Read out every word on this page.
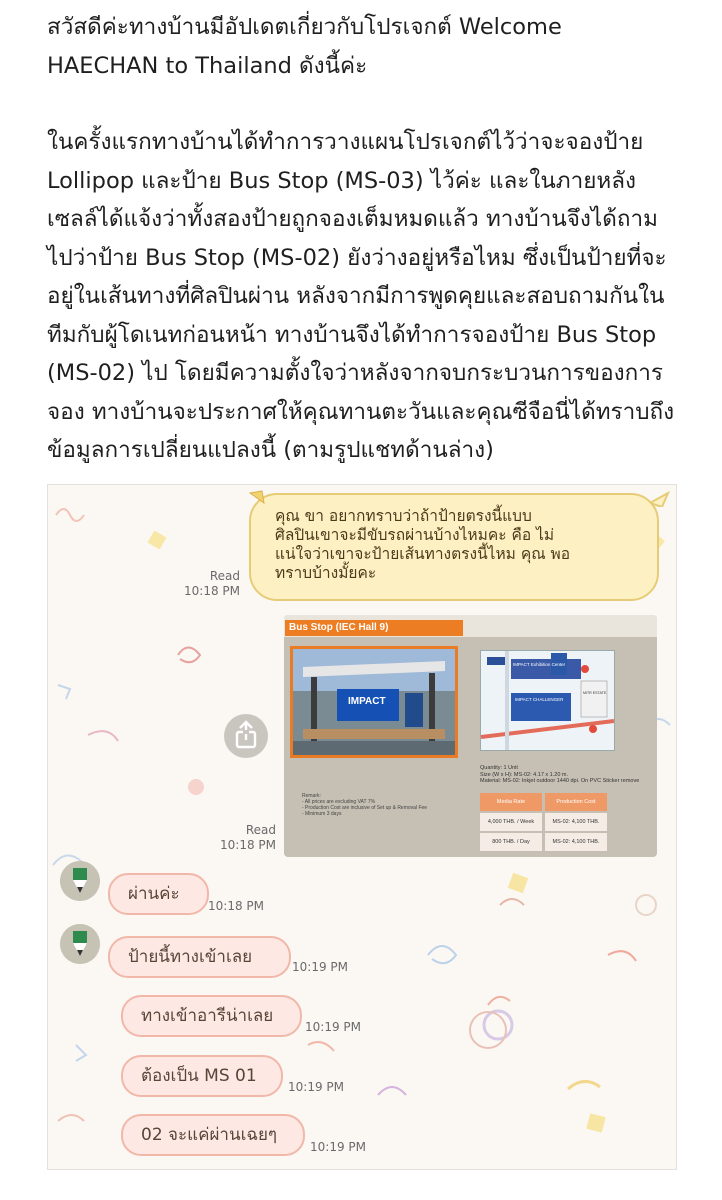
สวัสดีค่ะทางบ้านมีอัปเดตเกี่ยวกับโปรเจกต์ Welcome

HAECHAN to Thailand ดังนี้ค่ะ

ในครั้งแรกทางบ้านได้ทำการวางแผนโปรเจกต์ไว้ว่าจะจองป้าย

Lollipop และป้าย Bus Stop (MS-03) ไว้ค่ะ และในภายหลัง

เซลล์ได้แจ้งว่าทั้งสองป้ายถูกจองเต็มหมดแล้ว ทางบ้านจึงได้ถาม

ไปว่าป้าย Bus Stop (MS-02) ยังว่างอยู่หรือไหม ซึ่งเป็นป้ายที่จะ

อยู่ในเส้นทางที่ศิลปินผ่าน หลังจากมีการพูดคุยและสอบถามกันใน

ทีมกับผู้โดเนทก่อนหน้า ทางบ้านจึงได้ทำการจองป้าย Bus Stop

(MS-02) ไป โดยมีความตั้งใจว่าหลังจากจบกระบวนการของการ

จอง ทางบ้านจะประกาศให้คุณทานตะวันและคุณซีจือนี่ได้ทราบถึง

ข้อมูลการเปลี่ยนแปลงนี้ (ตามรูปแชทด้านล่าง)

คุณ ขา อยากทราบว่าถ้าป้ายตรงนี้แบบ
ศิลปินเขาจะมีขับรถผ่านบ้างไหมคะ คือ ไม่
แน่ใจว่าเขาจะป้ายเส้นทางตรงนี้ไหม คุณ พอ
ทราบบ้างมั้ยคะ
Read
10:18 PM
Bus Stop (IEC Hall 9)
IMPACT
IMPACT Exhibition Center
IMPACT CHALLENGER
MITR ESTATE
Quantity: 1 Unit
Size (W x H): MS-02: 4.17 x 1.20 m.
Material: MS-02: Inkjet outdoor 1440 dpi. On PVC Sticker remove
Remark:
- All prices are excluding VAT 7%
- Production Cost are inclusive of Set up & Removal Fee
- Minimum 3 days
Media Rate	Production Cost
4,000 THB. / Week	MS-02: 4,100 THB.
800 THB. / Day	MS-02: 4,100 THB.
Read
10:18 PM
ผ่านค่ะ
10:18 PM
ป้ายนี้ทางเข้าเลย	10:19 PM
ทางเข้าอารีน่าเลย
10:19 PM
ต้องเป็น MS 01
10:19 PM
02 จะแค่ผ่านเฉยๆ
10:19 PM
